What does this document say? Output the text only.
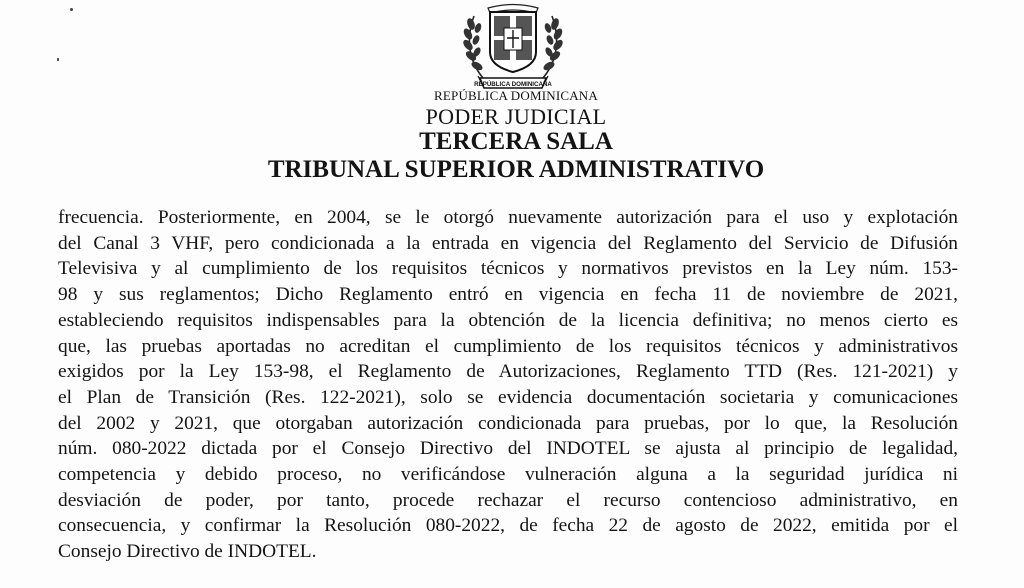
REPÚBLICA DOMINICANA
REPÚBLICA DOMINICANA
PODER JUDICIAL
TERCERA SALA
TRIBUNAL SUPERIOR ADMINISTRATIVO
frecuencia. Posteriormente, en 2004, se le otorgó nuevamente autorización para el uso y explotación
del Canal 3 VHF, pero condicionada a la entrada en vigencia del Reglamento del Servicio de Difusión
Televisiva y al cumplimiento de los requisitos técnicos y normativos previstos en la Ley núm. 153-
98 y sus reglamentos; Dicho Reglamento entró en vigencia en fecha 11 de noviembre de 2021,
estableciendo requisitos indispensables para la obtención de la licencia definitiva; no menos cierto es
que, las pruebas aportadas no acreditan el cumplimiento de los requisitos técnicos y administrativos
exigidos por la Ley 153-98, el Reglamento de Autorizaciones, Reglamento TTD (Res. 121-2021) y
el Plan de Transición (Res. 122-2021), solo se evidencia documentación societaria y comunicaciones
del 2002 y 2021, que otorgaban autorización condicionada para pruebas, por lo que, la Resolución
núm. 080-2022 dictada por el Consejo Directivo del INDOTEL se ajusta al principio de legalidad,
competencia y debido proceso, no verificándose vulneración alguna a la seguridad jurídica ni
desviación de poder, por tanto, procede rechazar el recurso contencioso administrativo, en
consecuencia, y confirmar la Resolución 080-2022, de fecha 22 de agosto de 2022, emitida por el
Consejo Directivo de INDOTEL.
